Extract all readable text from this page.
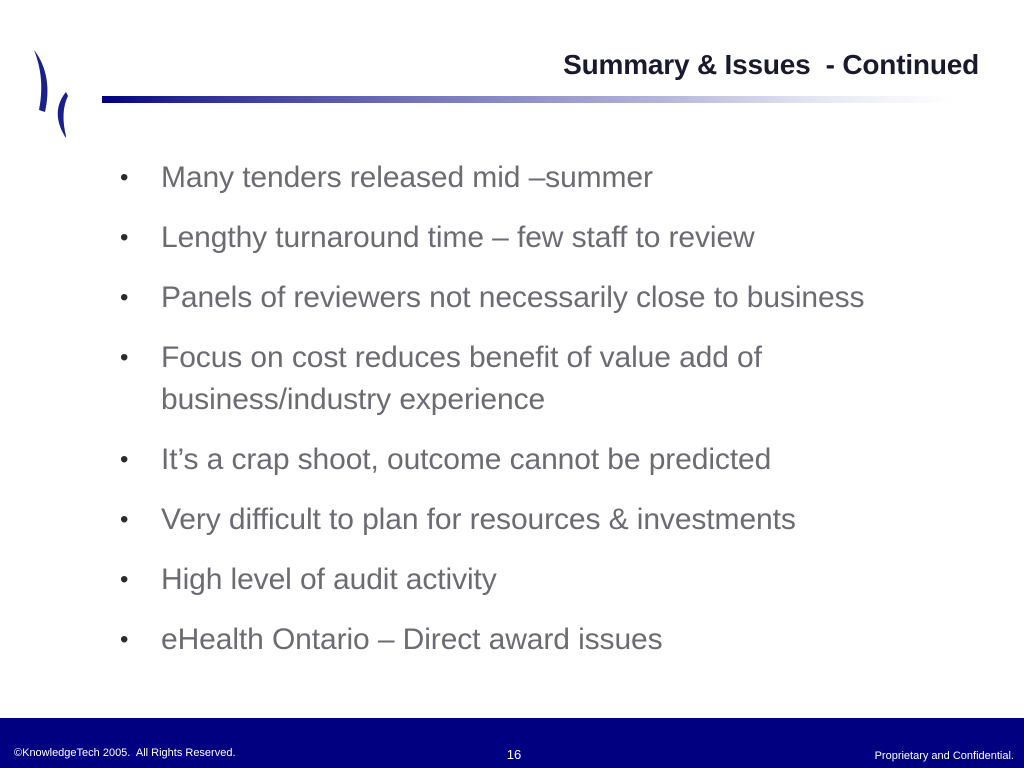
Summary & Issues  - Continued
• Many tenders released mid –summer
• Lengthy turnaround time – few staff to review
• Panels of reviewers not necessarily close to business
• Focus on cost reduces benefit of value add of business/industry experience
• It’s a crap shoot, outcome cannot be predicted
• Very difficult to plan for resources & investments
• High level of audit activity
• eHealth Ontario – Direct award issues
©KnowledgeTech 2005.  All Rights Reserved.	16	Proprietary and Confidential.
